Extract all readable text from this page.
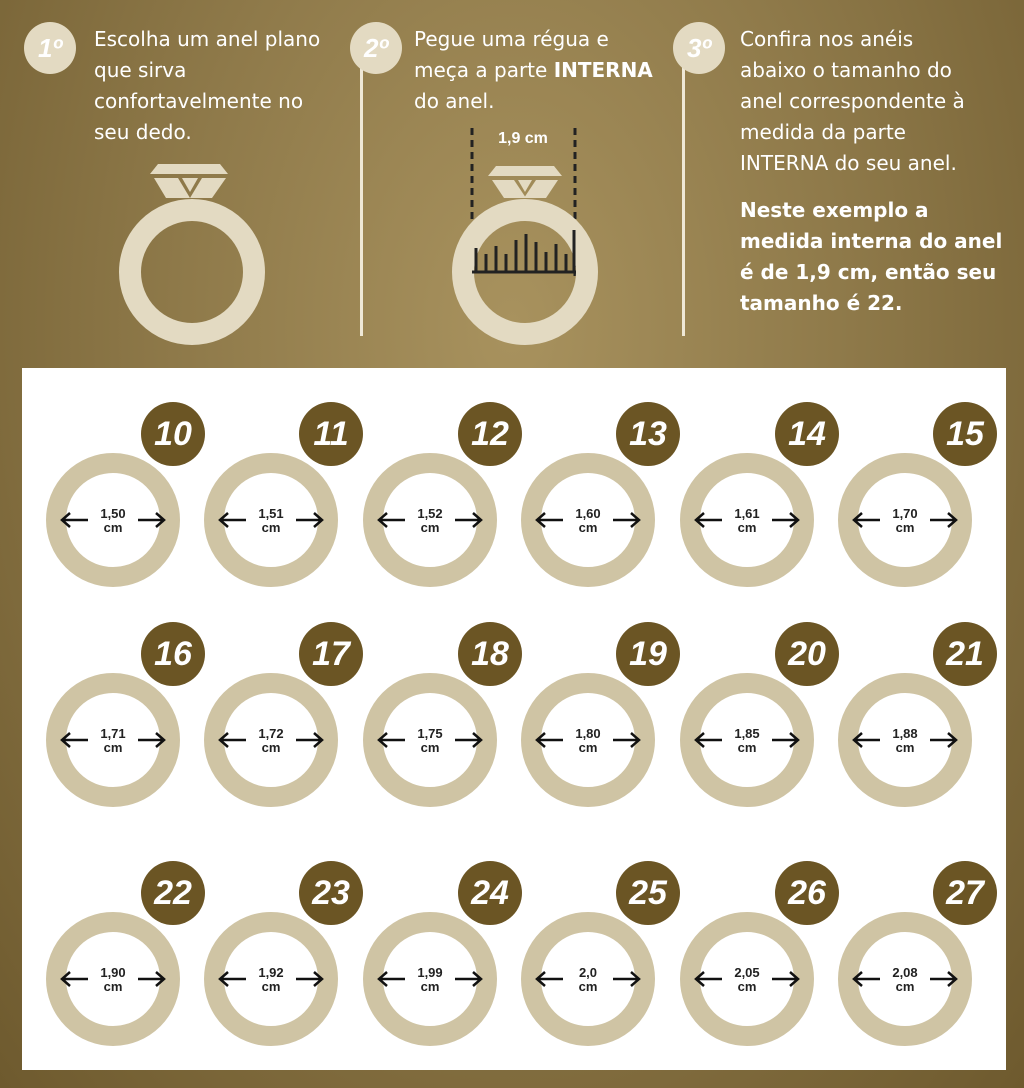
1º	Escolha um anel plano
que sirva
confortavelmente no
seu dedo.
2º	Pegue uma régua e
meça a parte INTERNA
do anel.
1,9 cm
3º	Confira nos anéis
abaixo o tamanho do
anel correspondente à
medida da parte
INTERNA do seu anel.
Neste exemplo a
medida interna do anel
é de 1,9 cm, então seu
tamanho é 22.
10
1,50
cm
11
1,51
cm
12
1,52
cm
13
1,60
cm
14
1,61
cm
15
1,70
cm
16
1,71
cm
17
1,72
cm
18
1,75
cm
19
1,80
cm
20
1,85
cm
21
1,88
cm
22
1,90
cm
23
1,92
cm
24
1,99
cm
25
2,0
cm
26
2,05
cm
27
2,08
cm
